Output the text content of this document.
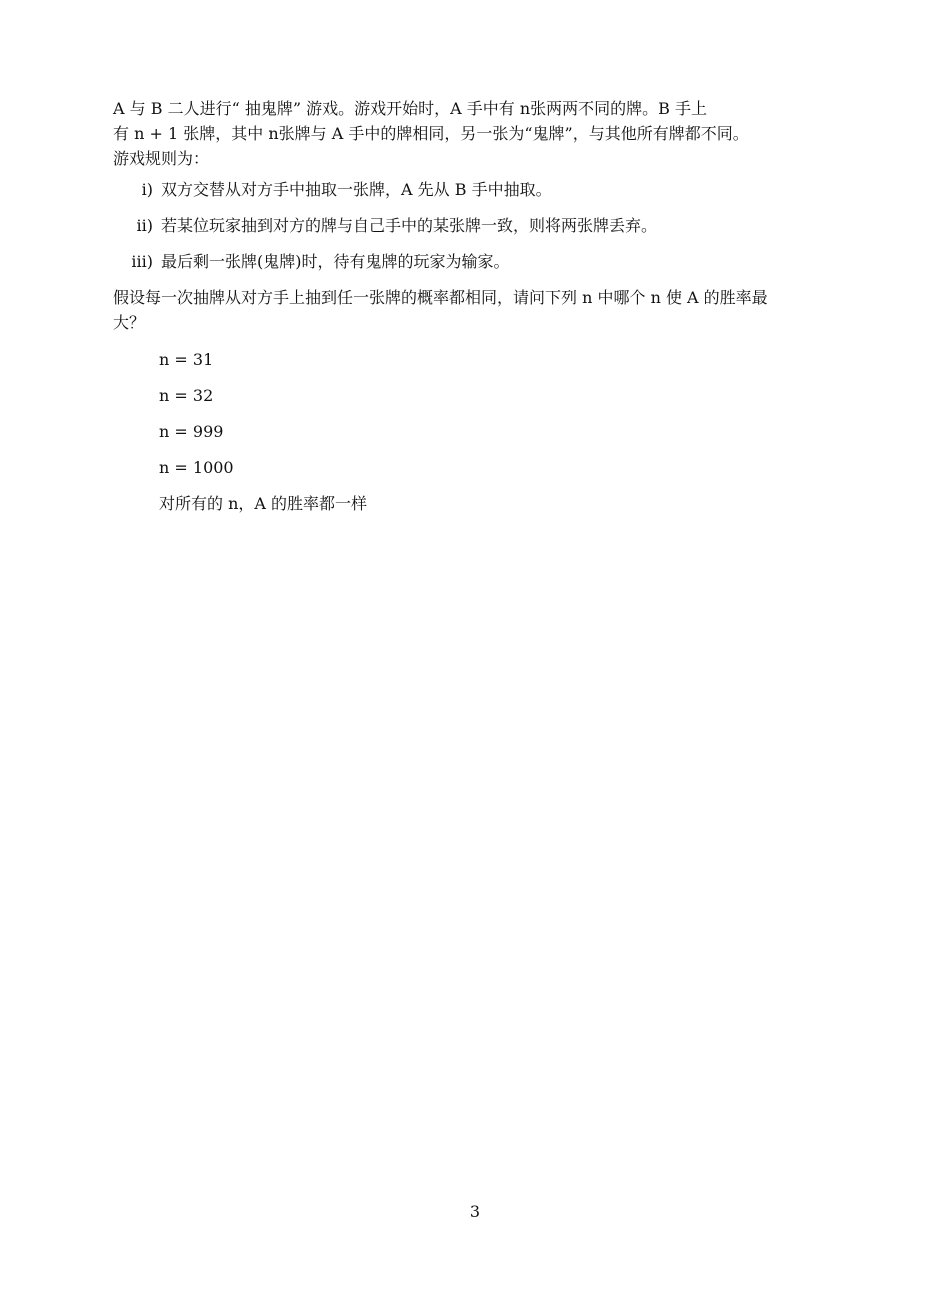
A 与 B 二人进行“ 抽鬼牌” 游戏。游戏开始时，A 手中有 n张两两不同的牌。B 手上

有 n + 1 张牌，其中 n张牌与 A 手中的牌相同，另一张为“鬼牌”，与其他所有牌都不同。

游戏规则为：

i) 双方交替从对方手中抽取一张牌，A 先从 B 手中抽取。
ii) 若某位玩家抽到对方的牌与自己手中的某张牌一致，则将两张牌丢弃。
iii) 最后剩一张牌(鬼牌)时，待有鬼牌的玩家为输家。

假设每一次抽牌从对方手上抽到任一张牌的概率都相同，请问下列 n 中哪个 n 使 A 的胜率最

大？

n = 31
n = 32
n = 999
n = 1000
对所有的 n，A 的胜率都一样
3
